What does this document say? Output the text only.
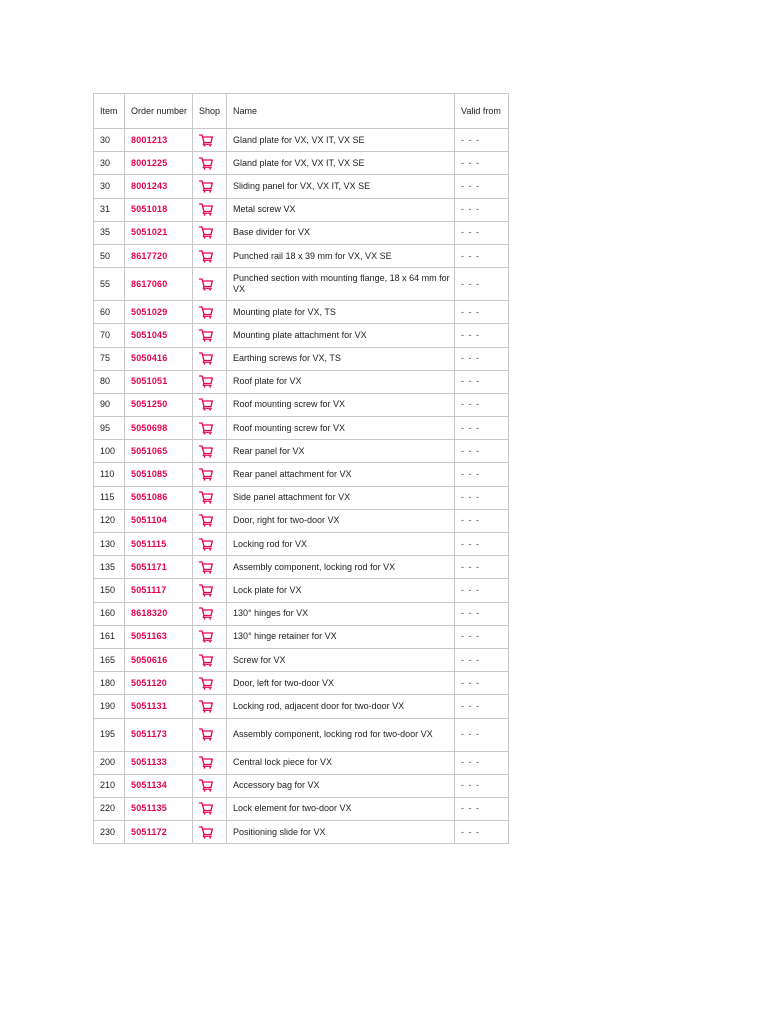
Item	Order number	Shop	Name	Valid from
30	8001213		Gland plate for VX, VX IT, VX SE	- - -
30	8001225		Gland plate for VX, VX IT, VX SE	- - -
30	8001243		Sliding panel for VX, VX IT, VX SE	- - -
31	5051018		Metal screw VX	- - -
35	5051021		Base divider for VX	- - -
50	8617720		Punched rail 18 x 39 mm for VX, VX SE	- - -
55	8617060		Punched section with mounting flange, 18 x 64 mm for VX	- - -
60	5051029		Mounting plate for VX, TS	- - -
70	5051045		Mounting plate attachment for VX	- - -
75	5050416		Earthing screws for VX, TS	- - -
80	5051051		Roof plate for VX	- - -
90	5051250		Roof mounting screw for VX	- - -
95	5050698		Roof mounting screw for VX	- - -
100	5051065		Rear panel for VX	- - -
110	5051085		Rear panel attachment for VX	- - -
115	5051086		Side panel attachment for VX	- - -
120	5051104		Door, right for two-door VX	- - -
130	5051115		Locking rod for VX	- - -
135	5051171		Assembly component, locking rod for VX	- - -
150	5051117		Lock plate for VX	- - -
160	8618320		130° hinges for VX	- - -
161	5051163		130° hinge retainer for VX	- - -
165	5050616		Screw for VX	- - -
180	5051120		Door, left for two-door VX	- - -
190	5051131		Locking rod, adjacent door for two-door VX	- - -
195	5051173		Assembly component, locking rod for two-door VX	- - -
200	5051133		Central lock piece for VX	- - -
210	5051134		Accessory bag for VX	- - -
220	5051135		Lock element for two-door VX	- - -
230	5051172		Positioning slide for VX	- - -
